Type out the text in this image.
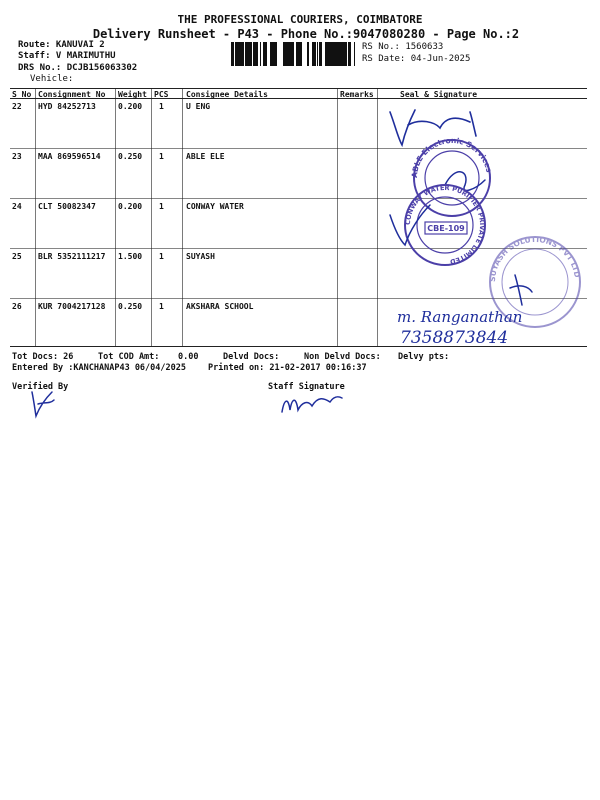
THE PROFESSIONAL COURIERS, COIMBATORE
Delivery Runsheet - P43 - Phone No.:9047080280 - Page No.:2
Route: KANUVAI 2
Staff: V MARIMUTHU
DRS No.: DCJB156063302
Vehicle:
RS No.: 1560633
RS Date: 04-Jun-2025
S No Consignment No Weight PCS Consignee Details	Remarks	Seal & Signature
22 HYD 84252713	0.200 1	U ENG
23 MAA 869596514 0.250 1	ABLE ELE
24 CLT 50082347	0.200 1	CONWAY WATER
25 BLR 5352111217 1.500 1	SUYASH
26 KUR 7004217128 0.250 1	AKSHARA SCHOOL
ABLE Electronic Services
CONWAY WATER PURIFIER PRIVATE LIMITED
CBE-109
SUYASH SOLUTIONS PVT LTD
m. Ranganathan
7358873844
Tot Docs: 26	Tot COD Amt: 0.00	Delvd Docs:	Non Delvd Docs: Delvy pts:
Entered By :KANCHANAP43 06/04/2025	Printed on: 21-02-2017 00:16:37
Verified By	Staff Signature
